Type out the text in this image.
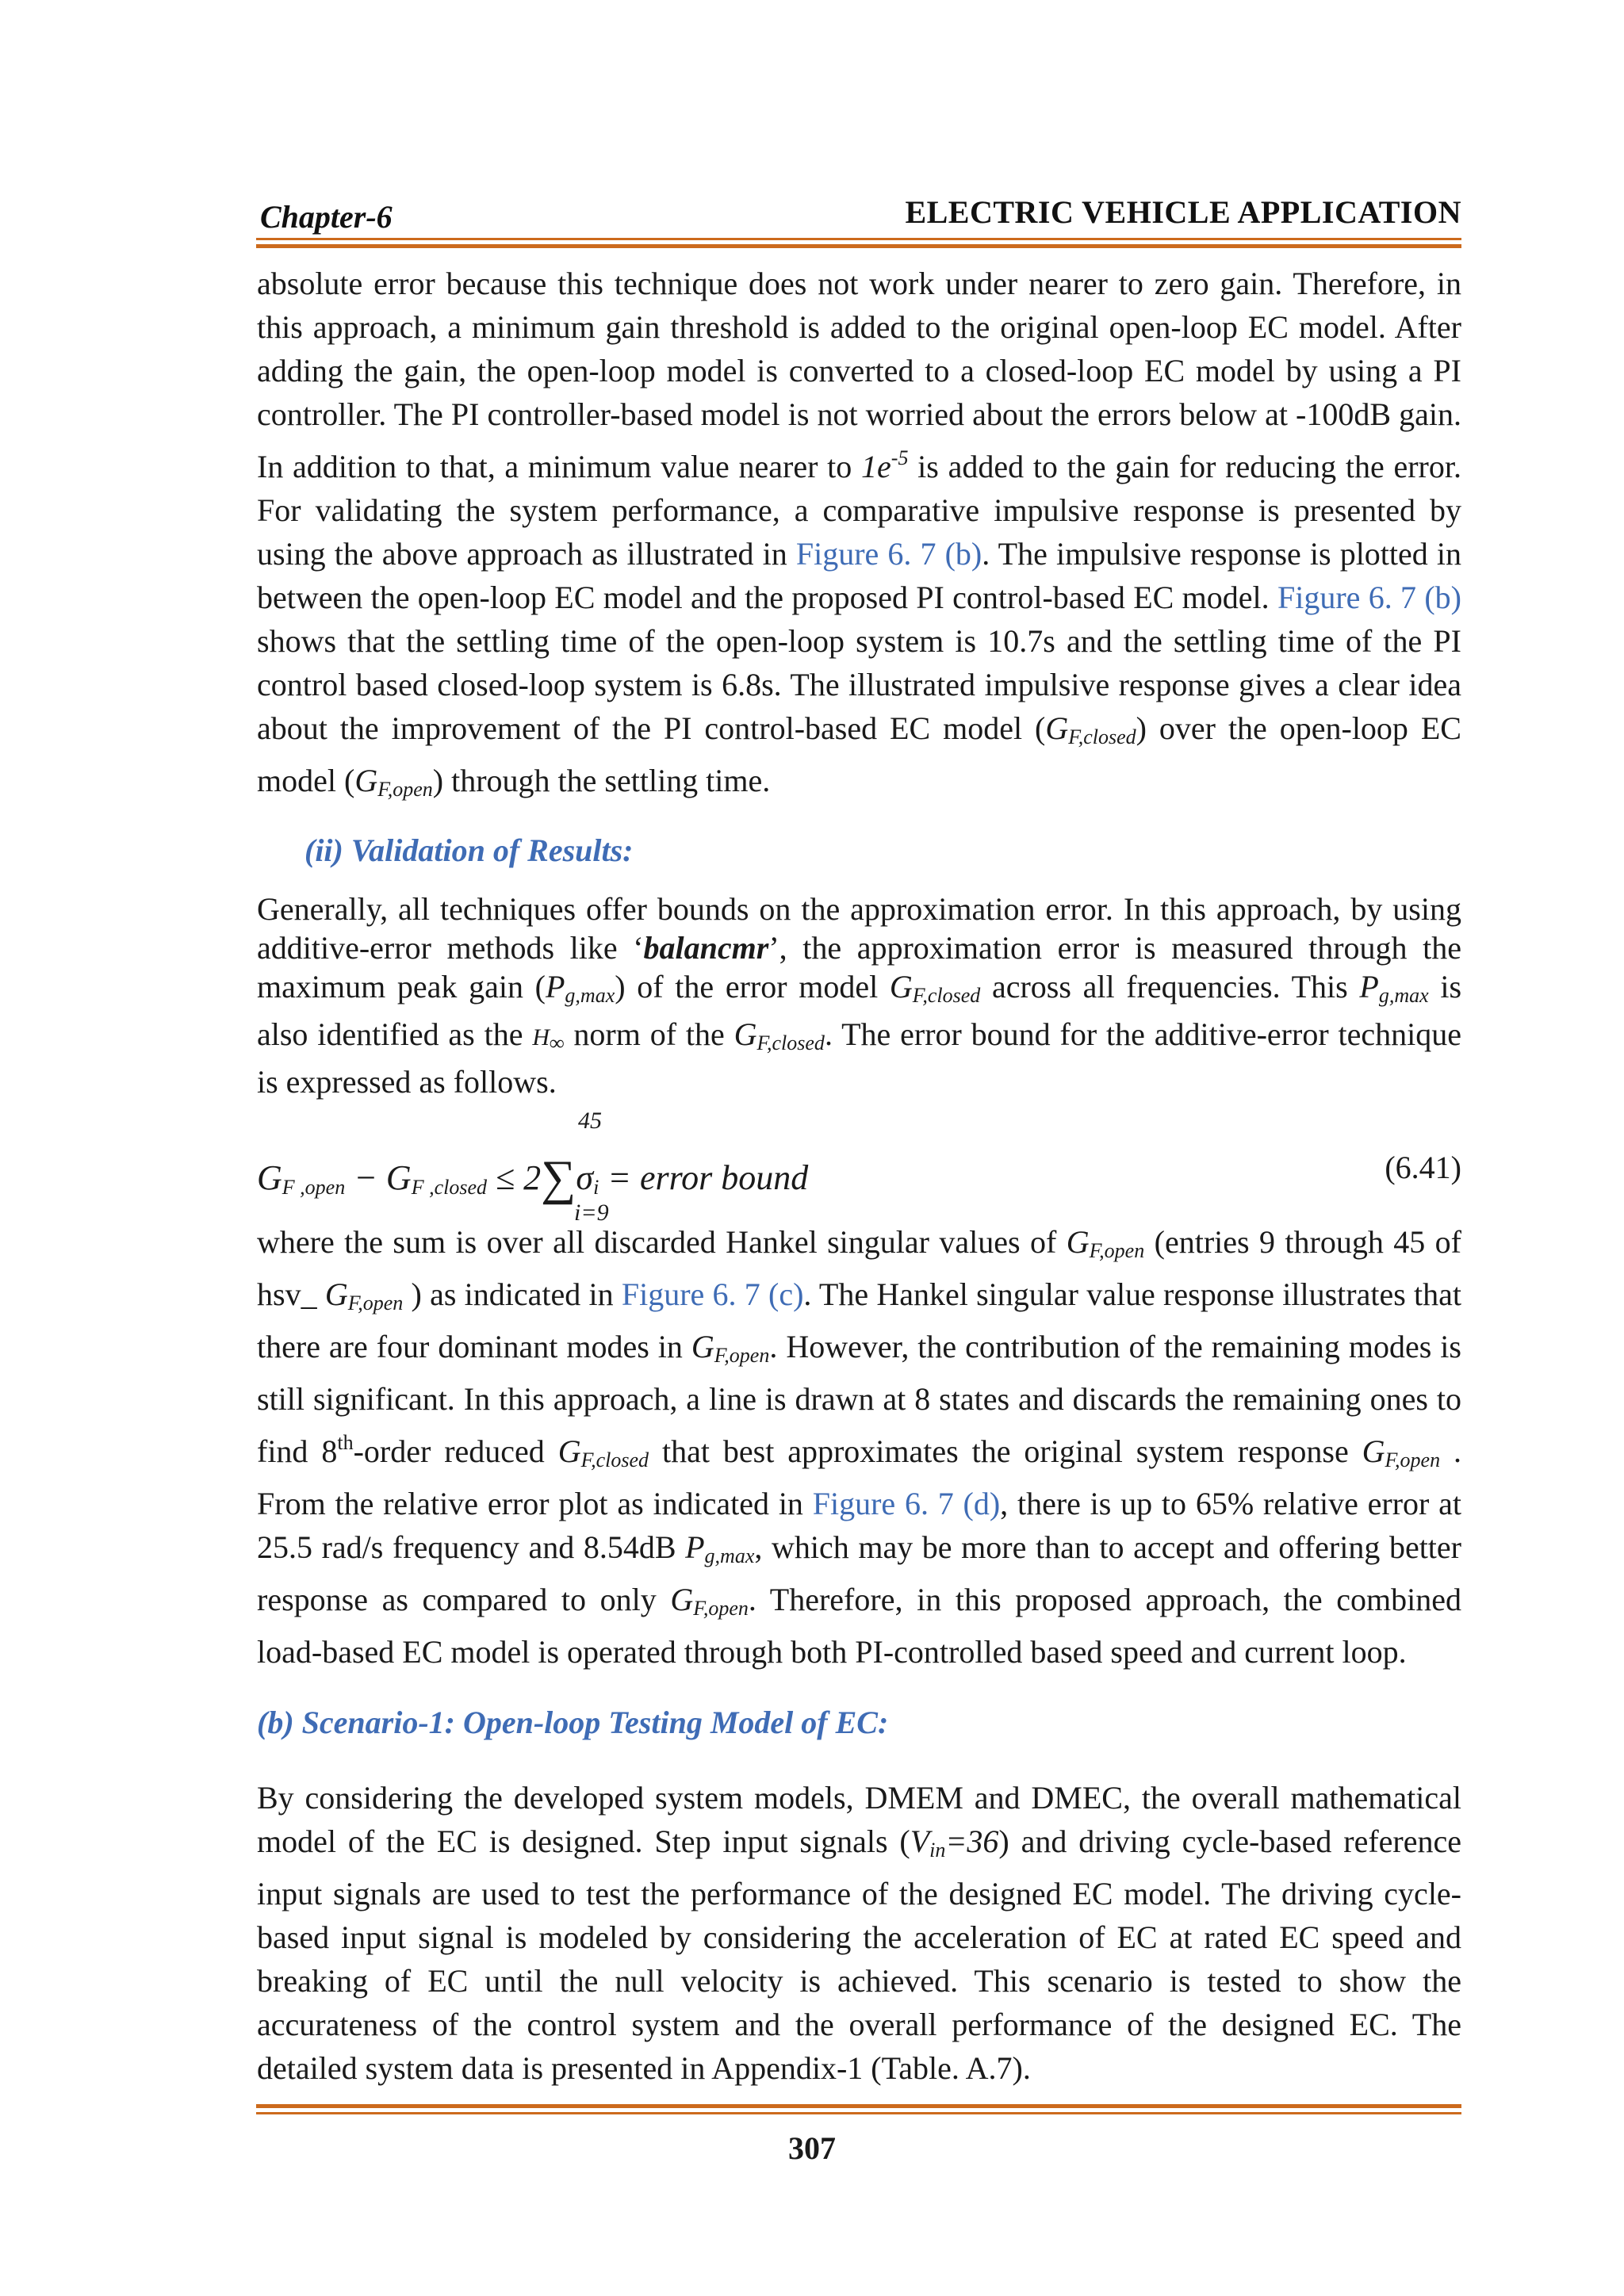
Chapter-6	ELECTRIC VEHICLE APPLICATION

absolute error because this technique does not work under nearer to zero gain. Therefore, in this approach, a minimum gain threshold is added to the original open-loop EC model. After adding the gain, the open-loop model is converted to a closed-loop EC model by using a PI controller. The PI controller-based model is not worried about the errors below at -100dB gain. In addition to that, a minimum value nearer to $1e^{-5}$ is added to the gain for reducing the error. For validating the system performance, a comparative impulsive response is presented by using the above approach as illustrated in Figure 6. 7 (b). The impulsive response is plotted in between the open-loop EC model and the proposed PI control-based EC model. Figure 6. 7 (b) shows that the settling time of the open-loop system is 10.7s and the settling time of the PI control based closed-loop system is 6.8s. The illustrated impulsive response gives a clear idea about the improvement of the PI control-based EC model $(G_{F,closed})$ over the open-loop EC model $(G_{F,open})$ through the settling time.

(ii) Validation of Results:

Generally, all techniques offer bounds on the approximation error. In this approach, by using additive-error methods like ‘balancmr’, the approximation error is measured through the maximum peak gain $(P_{g,max})$ of the error model $G_{F,closed}$ across all frequencies. This $P_{g,max}$ is also identified as the $H_\infty$ norm of the $G_{F,closed}$. The error bound for the additive-error technique is expressed as follows.

45
$G_{F ,open} - G_{F ,closed} \le 2\sum\sigma_i$ = error bound
i=9
(6.41)

where the sum is over all discarded Hankel singular values of $G_{F,open}$ (entries 9 through 45 of hsv_ $G_{F,open}$ ) as indicated in Figure 6. 7 (c). The Hankel singular value response illustrates that there are four dominant modes in $G_{F,open}$. However, the contribution of the remaining modes is still significant. In this approach, a line is drawn at 8 states and discards the remaining ones to find 8th-order reduced $G_{F,closed}$ that best approximates the original system response $G_{F,open}$ . From the relative error plot as indicated in Figure 6. 7 (d), there is up to 65% relative error at 25.5 rad/s frequency and 8.54dB $P_{g,max}$, which may be more than to accept and offering better response as compared to only $G_{F,open}$. Therefore, in this proposed approach, the combined load-based EC model is operated through both PI-controlled based speed and current loop.

(b) Scenario-1: Open-loop Testing Model of EC:

By considering the developed system models, DMEM and DMEC, the overall mathematical model of the EC is designed. Step input signals $(V_{in}=36)$ and driving cycle-based reference input signals are used to test the performance of the designed EC model. The driving cycle-based input signal is modeled by considering the acceleration of EC at rated EC speed and breaking of EC until the null velocity is achieved. This scenario is tested to show the accurateness of the control system and the overall performance of the designed EC. The detailed system data is presented in Appendix-1 (Table. A.7).

307
